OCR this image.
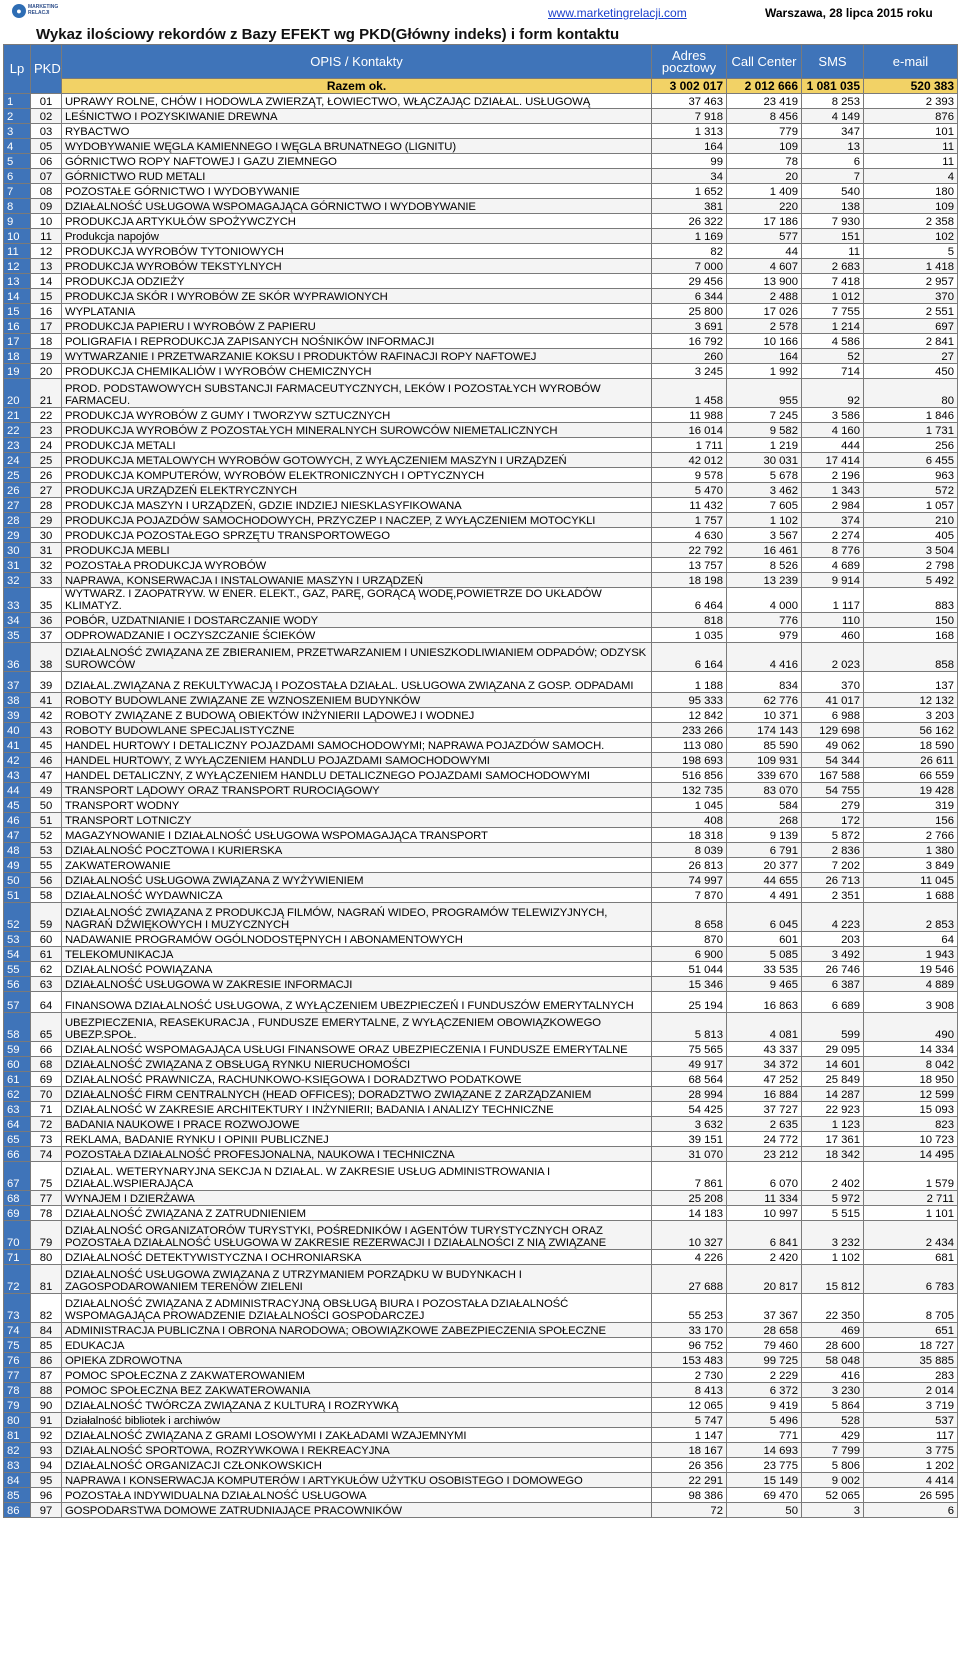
●	MARKETING RELACJI	www.marketingrelacji.com	Warszawa, 28 lipca 2015 roku
Wykaz ilościowy rekordów z Bazy EFEKT wg PKD(Główny indeks) i form kontaktu
Lp	PKD	OPIS / Kontakty	Adres pocztowy	Call Center	SMS	e-mail
		Razem ok.	3 002 017	2 012 666	1 081 035	520 383
1	01	UPRAWY ROLNE, CHÓW I HODOWLA ZWIERZĄT, ŁOWIECTWO, WŁĄCZAJĄC DZIAŁAL. USŁUGOWĄ	37 463	23 419	8 253	2 393
2	02	LEŚNICTWO I POZYSKIWANIE DREWNA	7 918	8 456	4 149	876
3	03	RYBACTWO	1 313	779	347	101
4	05	WYDOBYWANIE WĘGLA KAMIENNEGO I WĘGLA BRUNATNEGO (LIGNITU)	164	109	13	11
5	06	GÓRNICTWO ROPY NAFTOWEJ I GAZU ZIEMNEGO	99	78	6	11
6	07	GÓRNICTWO RUD METALI	34	20	7	4
7	08	POZOSTAŁE GÓRNICTWO I WYDOBYWANIE	1 652	1 409	540	180
8	09	DZIAŁALNOŚĆ USŁUGOWA WSPOMAGAJĄCA GÓRNICTWO I WYDOBYWANIE	381	220	138	109
9	10	PRODUKCJA ARTYKUŁÓW SPOŻYWCZYCH	26 322	17 186	7 930	2 358
10	11	Produkcja napojów	1 169	577	151	102
11	12	PRODUKCJA WYROBÓW TYTONIOWYCH	82	44	11	5
12	13	PRODUKCJA WYROBÓW TEKSTYLNYCH	7 000	4 607	2 683	1 418
13	14	PRODUKCJA ODZIEŻY	29 456	13 900	7 418	2 957
14	15	PRODUKCJA SKÓR I WYROBÓW ZE SKÓR WYPRAWIONYCH	6 344	2 488	1 012	370
15	16	WYPLATANIA	25 800	17 026	7 755	2 551
16	17	PRODUKCJA PAPIERU I WYROBÓW Z PAPIERU	3 691	2 578	1 214	697
17	18	POLIGRAFIA I REPRODUKCJA ZAPISANYCH NOŚNIKÓW INFORMACJI	16 792	10 166	4 586	2 841
18	19	WYTWARZANIE I PRZETWARZANIE KOKSU I PRODUKTÓW RAFINACJI ROPY NAFTOWEJ	260	164	52	27
19	20	PRODUKCJA CHEMIKALIÓW I WYROBÓW CHEMICZNYCH	3 245	1 992	714	450
20	21	PROD. PODSTAWOWYCH SUBSTANCJI FARMACEUTYCZNYCH, LEKÓW I POZOSTAŁYCH WYROBÓW FARMACEU.	1 458	955	92	80
21	22	PRODUKCJA WYROBÓW Z GUMY I TWORZYW SZTUCZNYCH	11 988	7 245	3 586	1 846
22	23	PRODUKCJA WYROBÓW Z POZOSTAŁYCH MINERALNYCH SUROWCÓW NIEMETALICZNYCH	16 014	9 582	4 160	1 731
23	24	PRODUKCJA METALI	1 711	1 219	444	256
24	25	PRODUKCJA METALOWYCH WYROBÓW GOTOWYCH, Z WYŁĄCZENIEM MASZYN I URZĄDZEŃ	42 012	30 031	17 414	6 455
25	26	PRODUKCJA KOMPUTERÓW, WYROBÓW ELEKTRONICZNYCH I OPTYCZNYCH	9 578	5 678	2 196	963
26	27	PRODUKCJA URZĄDZEŃ ELEKTRYCZNYCH	5 470	3 462	1 343	572
27	28	PRODUKCJA MASZYN I URZĄDZEŃ, GDZIE INDZIEJ NIESKLASYFIKOWANA	11 432	7 605	2 984	1 057
28	29	PRODUKCJA POJAZDÓW SAMOCHODOWYCH, PRZYCZEP I NACZEP, Z WYŁĄCZENIEM MOTOCYKLI	1 757	1 102	374	210
29	30	PRODUKCJA POZOSTAŁEGO SPRZĘTU TRANSPORTOWEGO	4 630	3 567	2 274	405
30	31	PRODUKCJA MEBLI	22 792	16 461	8 776	3 504
31	32	POZOSTAŁA PRODUKCJA WYROBÓW	13 757	8 526	4 689	2 798
32	33	NAPRAWA, KONSERWACJA I INSTALOWANIE MASZYN I URZĄDZEŃ	18 198	13 239	9 914	5 492
33	35	WYTWARZ. I ZAOPATRYW. W ENER. ELEKT., GAZ, PARĘ, GORĄCĄ WODĘ,POWIETRZE DO UKŁADÓW KLIMATYZ.	6 464	4 000	1 117	883
34	36	POBÓR, UZDATNIANIE I DOSTARCZANIE WODY	818	776	110	150
35	37	ODPROWADZANIE I OCZYSZCZANIE ŚCIEKÓW	1 035	979	460	168
36	38	DZIAŁALNOŚĆ ZWIĄZANA ZE ZBIERANIEM, PRZETWARZANIEM I UNIESZKODLIWIANIEM ODPADÓW; ODZYSK SUROWCÓW	6 164	4 416	2 023	858
37	39	DZIAŁAL.ZWIĄZANA Z REKULTYWACJĄ I POZOSTAŁA DZIAŁAL. USŁUGOWA ZWIĄZANA Z GOSP. ODPADAMI	1 188	834	370	137
38	41	ROBOTY BUDOWLANE ZWIĄZANE ZE WZNOSZENIEM BUDYNKÓW	95 333	62 776	41 017	12 132
39	42	ROBOTY ZWIĄZANE Z BUDOWĄ OBIEKTÓW INŻYNIERII LĄDOWEJ I WODNEJ	12 842	10 371	6 988	3 203
40	43	ROBOTY BUDOWLANE SPECJALISTYCZNE	233 266	174 143	129 698	56 162
41	45	HANDEL HURTOWY I DETALICZNY POJAZDAMI SAMOCHODOWYMI; NAPRAWA POJAZDÓW SAMOCH.	113 080	85 590	49 062	18 590
42	46	HANDEL HURTOWY, Z WYŁĄCZENIEM HANDLU POJAZDAMI SAMOCHODOWYMI	198 693	109 931	54 344	26 611
43	47	HANDEL DETALICZNY, Z WYŁĄCZENIEM HANDLU DETALICZNEGO POJAZDAMI SAMOCHODOWYMI	516 856	339 670	167 588	66 559
44	49	TRANSPORT LĄDOWY ORAZ TRANSPORT RUROCIĄGOWY	132 735	83 070	54 755	19 428
45	50	TRANSPORT WODNY	1 045	584	279	319
46	51	TRANSPORT LOTNICZY	408	268	172	156
47	52	MAGAZYNOWANIE I DZIAŁALNOŚĆ USŁUGOWA WSPOMAGAJĄCA TRANSPORT	18 318	9 139	5 872	2 766
48	53	DZIAŁALNOŚĆ POCZTOWA I KURIERSKA	8 039	6 791	2 836	1 380
49	55	ZAKWATEROWANIE	26 813	20 377	7 202	3 849
50	56	DZIAŁALNOŚĆ USŁUGOWA ZWIĄZANA Z WYŻYWIENIEM	74 997	44 655	26 713	11 045
51	58	DZIAŁALNOŚĆ WYDAWNICZA	7 870	4 491	2 351	1 688
52	59	DZIAŁALNOŚĆ ZWIĄZANA Z PRODUKCJĄ FILMÓW, NAGRAŃ WIDEO, PROGRAMÓW TELEWIZYJNYCH, NAGRAŃ DŹWIĘKOWYCH I MUZYCZNYCH	8 658	6 045	4 223	2 853
53	60	NADAWANIE PROGRAMÓW OGÓLNODOSTĘPNYCH I ABONAMENTOWYCH	870	601	203	64
54	61	TELEKOMUNIKACJA	6 900	5 085	3 492	1 943
55	62	DZIAŁALNOŚĆ POWIĄZANA	51 044	33 535	26 746	19 546
56	63	DZIAŁALNOŚĆ USŁUGOWA W ZAKRESIE INFORMACJI	15 346	9 465	6 387	4 889
57	64	FINANSOWA DZIAŁALNOŚĆ USŁUGOWA, Z WYŁĄCZENIEM UBEZPIECZEŃ I FUNDUSZÓW EMERYTALNYCH	25 194	16 863	6 689	3 908
58	65	UBEZPIECZENIA, REASEKURACJA , FUNDUSZE EMERYTALNE, Z WYŁĄCZENIEM OBOWIĄZKOWEGO UBEZP.SPOŁ.	5 813	4 081	599	490
59	66	DZIAŁALNOŚĆ WSPOMAGAJĄCA USŁUGI FINANSOWE ORAZ UBEZPIECZENIA I FUNDUSZE EMERYTALNE	75 565	43 337	29 095	14 334
60	68	DZIAŁALNOŚĆ ZWIĄZANA Z OBSŁUGĄ RYNKU NIERUCHOMOŚCI	49 917	34 372	14 601	8 042
61	69	DZIAŁALNOŚĆ PRAWNICZA, RACHUNKOWO-KSIĘGOWA I DORADZTWO PODATKOWE	68 564	47 252	25 849	18 950
62	70	DZIAŁALNOŚĆ FIRM CENTRALNYCH (HEAD OFFICES); DORADZTWO ZWIĄZANE Z ZARZĄDZANIEM	28 994	16 884	14 287	12 599
63	71	DZIAŁALNOŚĆ W ZAKRESIE ARCHITEKTURY I INŻYNIERII; BADANIA I ANALIZY TECHNICZNE	54 425	37 727	22 923	15 093
64	72	BADANIA NAUKOWE I PRACE ROZWOJOWE	3 632	2 635	1 123	823
65	73	REKLAMA, BADANIE RYNKU I OPINII PUBLICZNEJ	39 151	24 772	17 361	10 723
66	74	POZOSTAŁA DZIAŁALNOŚĆ PROFESJONALNA, NAUKOWA I TECHNICZNA	31 070	23 212	18 342	14 495
67	75	DZIAŁAL. WETERYNARYJNA SEKCJA N DZIAŁAL. W ZAKRESIE USŁUG ADMINISTROWANIA I DZIAŁAL.WSPIERAJĄCA	7 861	6 070	2 402	1 579
68	77	WYNAJEM I DZIERŻAWA	25 208	11 334	5 972	2 711
69	78	DZIAŁALNOŚĆ ZWIĄZANA Z ZATRUDNIENIEM	14 183	10 997	5 515	1 101
70	79	DZIAŁALNOŚĆ ORGANIZATORÓW TURYSTYKI, POŚREDNIKÓW I AGENTÓW TURYSTYCZNYCH ORAZ POZOSTAŁA DZIAŁALNOŚĆ USŁUGOWA W ZAKRESIE REZERWACJI I DZIAŁALNOŚCI Z NIĄ ZWIĄZANE	10 327	6 841	3 232	2 434
71	80	DZIAŁALNOŚĆ DETEKTYWISTYCZNA I OCHRONIARSKA	4 226	2 420	1 102	681
72	81	DZIAŁALNOŚĆ USŁUGOWA ZWIĄZANA Z UTRZYMANIEM PORZĄDKU W BUDYNKACH I ZAGOSPODAROWANIEM TERENÓW ZIELENI	27 688	20 817	15 812	6 783
73	82	DZIAŁALNOŚĆ ZWIĄZANA Z ADMINISTRACYJNĄ OBSŁUGĄ BIURA I POZOSTAŁA DZIAŁALNOŚĆ WSPOMAGAJĄCA PROWADZENIE DZIAŁALNOŚCI GOSPODARCZEJ	55 253	37 367	22 350	8 705
74	84	ADMINISTRACJA PUBLICZNA I OBRONA NARODOWA; OBOWIĄZKOWE ZABEZPIECZENIA SPOŁECZNE	33 170	28 658	469	651
75	85	EDUKACJA	96 752	79 460	28 600	18 727
76	86	OPIEKA ZDROWOTNA	153 483	99 725	58 048	35 885
77	87	POMOC SPOŁECZNA Z ZAKWATEROWANIEM	2 730	2 229	416	283
78	88	POMOC SPOŁECZNA BEZ ZAKWATEROWANIA	8 413	6 372	3 230	2 014
79	90	DZIAŁALNOŚĆ TWÓRCZA ZWIĄZANA Z KULTURĄ I ROZRYWKĄ	12 065	9 419	5 864	3 719
80	91	Działalność bibliotek i archiwów	5 747	5 496	528	537
81	92	DZIAŁALNOŚĆ ZWIĄZANA Z GRAMI LOSOWYMI I ZAKŁADAMI WZAJEMNYMI	1 147	771	429	117
82	93	DZIAŁALNOŚĆ SPORTOWA, ROZRYWKOWA I REKREACYJNA	18 167	14 693	7 799	3 775
83	94	DZIAŁALNOŚĆ ORGANIZACJI CZŁONKOWSKICH	26 356	23 775	5 806	1 202
84	95	NAPRAWA I KONSERWACJA KOMPUTERÓW I ARTYKUŁÓW UŻYTKU OSOBISTEGO I DOMOWEGO	22 291	15 149	9 002	4 414
85	96	POZOSTAŁA INDYWIDUALNA DZIAŁALNOŚĆ USŁUGOWA	98 386	69 470	52 065	26 595
86	97	GOSPODARSTWA DOMOWE ZATRUDNIAJĄCE PRACOWNIKÓW	72	50	3	6
